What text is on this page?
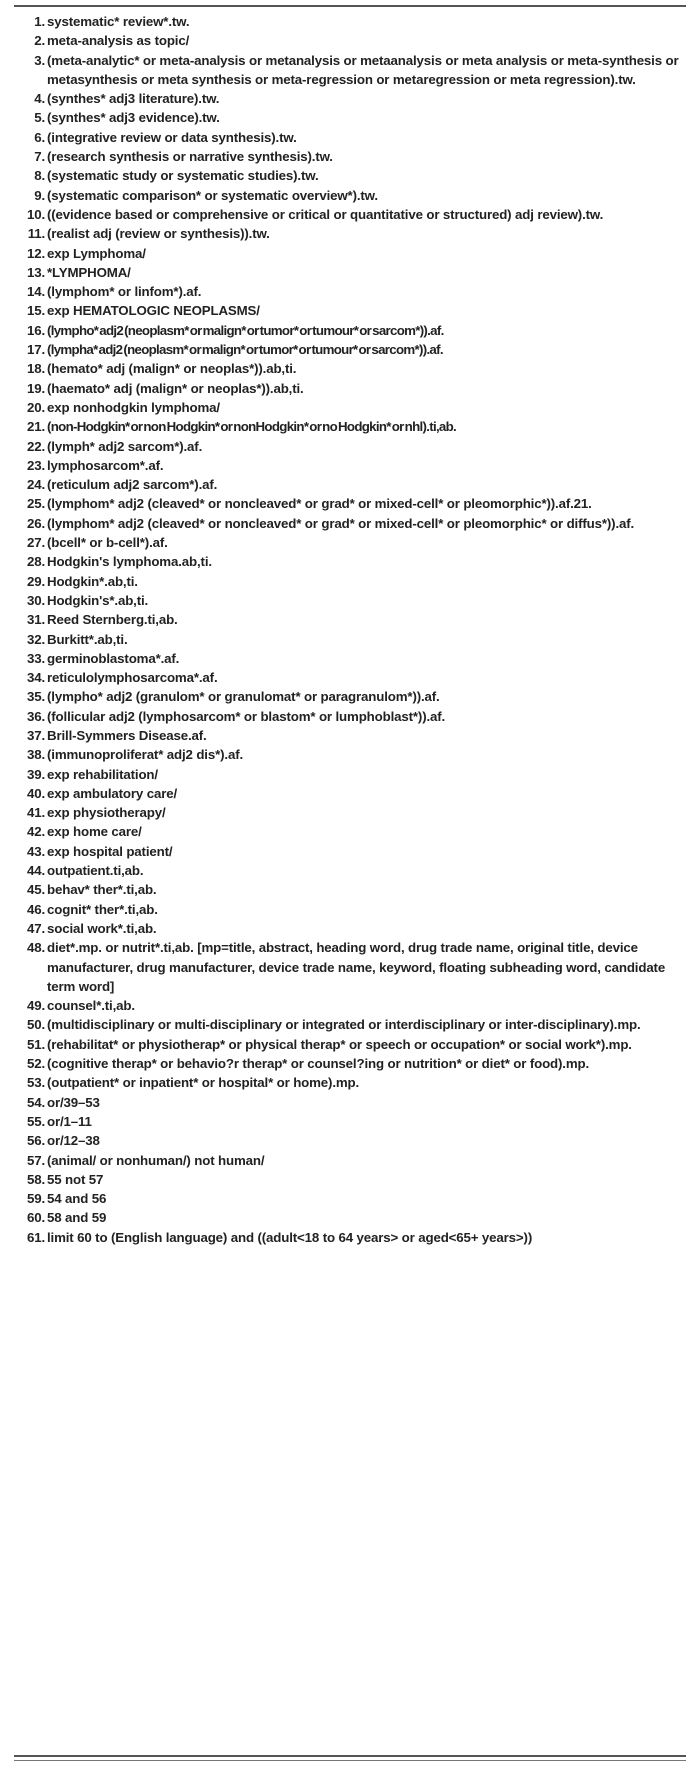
1. systematic* review*.tw.
2. meta-analysis as topic/
3. (meta-analytic* or meta-analysis or metanalysis or metaanalysis or meta analysis or meta-synthesis or metasynthesis or meta synthesis or meta-regression or metaregression or meta regression).tw.
4. (synthes* adj3 literature).tw.
5. (synthes* adj3 evidence).tw.
6. (integrative review or data synthesis).tw.
7. (research synthesis or narrative synthesis).tw.
8. (systematic study or systematic studies).tw.
9. (systematic comparison* or systematic overview*).tw.
10. ((evidence based or comprehensive or critical or quantitative or structured) adj review).tw.
11. (realist adj (review or synthesis)).tw.
12. exp Lymphoma/
13. *LYMPHOMA/
14. (lymphom* or linfom*).af.
15. exp HEMATOLOGIC NEOPLASMS/
16. (lympho* adj2 (neoplasm* or malign* or tumor* or tumour* or sarcom*)).af.
17. (lympha* adj2 (neoplasm* or malign* or tumor* or tumour* or sarcom*)).af.
18. (hemato* adj (malign* or neoplas*)).ab,ti.
19. (haemato* adj (malign* or neoplas*)).ab,ti.
20. exp nonhodgkin lymphoma/
21. (non-Hodgkin* or non Hodgkin* or nonHodgkin* or no Hodgkin* or nhl).ti,ab.
22. (lymph* adj2 sarcom*).af.
23. lymphosarcom*.af.
24. (reticulum adj2 sarcom*).af.
25. (lymphom* adj2 (cleaved* or noncleaved* or grad* or mixed-cell* or pleomorphic*)).af.21.
26. (lymphom* adj2 (cleaved* or noncleaved* or grad* or mixed-cell* or pleomorphic* or diffus*)).af.
27. (bcell* or b-cell*).af.
28. Hodgkin's lymphoma.ab,ti.
29. Hodgkin*.ab,ti.
30. Hodgkin's*.ab,ti.
31. Reed Sternberg.ti,ab.
32. Burkitt*.ab,ti.
33. germinoblastoma*.af.
34. reticulolymphosarcoma*.af.
35. (lympho* adj2 (granulom* or granulomat* or paragranulom*)).af.
36. (follicular adj2 (lymphosarcom* or blastom* or lumphoblast*)).af.
37. Brill-Symmers Disease.af.
38. (immunoproliferat* adj2 dis*).af.
39. exp rehabilitation/
40. exp ambulatory care/
41. exp physiotherapy/
42. exp home care/
43. exp hospital patient/
44. outpatient.ti,ab.
45. behav* ther*.ti,ab.
46. cognit* ther*.ti,ab.
47. social work*.ti,ab.
48. diet*.mp. or nutrit*.ti,ab. [mp=title, abstract, heading word, drug trade name, original title, device manufacturer, drug manufacturer, device trade name, keyword, floating subheading word, candidate term word]
49. counsel*.ti,ab.
50. (multidisciplinary or multi-disciplinary or integrated or interdisciplinary or inter-disciplinary).mp.
51. (rehabilitat* or physiotherap* or physical therap* or speech or occupation* or social work*).mp.
52. (cognitive therap* or behavio?r therap* or counsel?ing or nutrition* or diet* or food).mp.
53. (outpatient* or inpatient* or hospital* or home).mp.
54. or/39–53
55. or/1–11
56. or/12–38
57. (animal/ or nonhuman/) not human/
58. 55 not 57
59. 54 and 56
60. 58 and 59
61. limit 60 to (English language) and ((adult<18 to 64 years> or aged<65+ years>))
